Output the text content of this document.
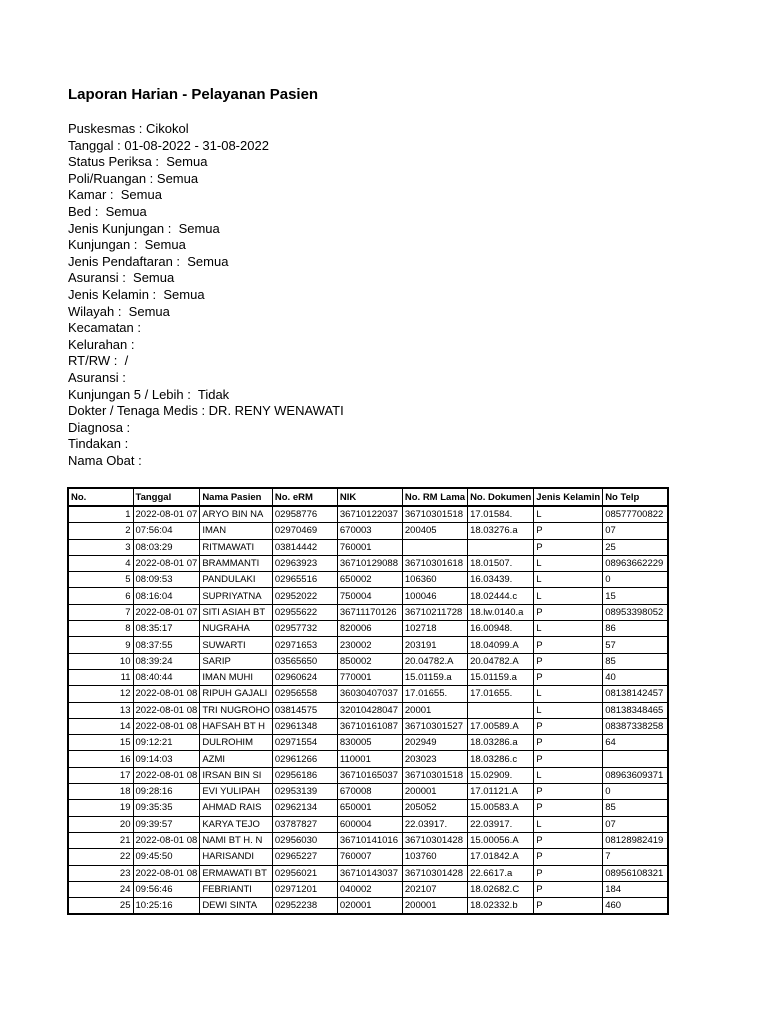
Laporan Harian - Pelayanan Pasien
Puskesmas : Cikokol
Tanggal : 01-08-2022 - 31-08-2022
Status Periksa :  Semua
Poli/Ruangan : Semua
Kamar :  Semua
Bed :  Semua
Jenis Kunjungan :  Semua
Kunjungan :  Semua
Jenis Pendaftaran :  Semua
Asuransi :  Semua
Jenis Kelamin :  Semua
Wilayah :  Semua
Kecamatan :
Kelurahan :
RT/RW :  /
Asuransi :
Kunjungan 5 / Lebih :  Tidak
Dokter / Tenaga Medis : DR. RENY WENAWATI
Diagnosa :
Tindakan :
Nama Obat :
No.	Tanggal	Nama Pasien	No. eRM	NIK	No. RM Lama	No. Dokumen	Jenis Kelamin	No Telp
1	2022-08-01 07	ARYO BIN NA	02958776	36710122037	36710301518	17.01584.	L	08577700822
2	07:56:04	IMAN	02970469	670003	200405	18.03276.a	P	07
3	08:03:29	RITMAWATI	03814442	760001			P	25
4	2022-08-01 07	BRAMMANTI	02963923	36710129088	36710301618	18.01507.	L	08963662229
5	08:09:53	PANDULAKI	02965516	650002	106360	16.03439.	L	0
6	08:16:04	SUPRIYATNA	02952022	750004	100046	18.02444.c	L	15
7	2022-08-01 07	SITI ASIAH BT	02955622	36711170126	36710211728	18.lw.0140.a	P	08953398052
8	08:35:17	NUGRAHA	02957732	820006	102718	16.00948.	L	86
9	08:37:55	SUWARTI	02971653	230002	203191	18.04099.A	P	57
10	08:39:24	SARIP	03565650	850002	20.04782.A	20.04782.A	P	85
11	08:40:44	IMAN MUHI	02960624	770001	15.01159.a	15.01159.a	P	40
12	2022-08-01 08	RIPUH GAJALI	02956558	36030407037	17.01655.	17.01655.	L	08138142457
13	2022-08-01 08	TRI NUGROHO	03814575	32010428047	20001		L	08138348465
14	2022-08-01 08	HAFSAH BT H	02961348	36710161087	36710301527	17.00589.A	P	08387338258
15	09:12:21	DULROHIM	02971554	830005	202949	18.03286.a	P	64
16	09:14:03	AZMI	02961266	110001	203023	18.03286.c	P	
17	2022-08-01 08	IRSAN BIN SI	02956186	36710165037	36710301518	15.02909.	L	08963609371
18	09:28:16	EVI YULIPAH	02953139	670008	200001	17.01121.A	P	0
19	09:35:35	AHMAD RAIS	02962134	650001	205052	15.00583.A	P	85
20	09:39:57	KARYA TEJO	03787827	600004	22.03917.	22.03917.	L	07
21	2022-08-01 08	NAMI BT H. N	02956030	36710141016	36710301428	15.00056.A	P	08128982419
22	09:45:50	HARISANDI	02965227	760007	103760	17.01842.A	P	7
23	2022-08-01 08	ERMAWATI BT	02956021	36710143037	36710301428	22.6617.a	P	08956108321
24	09:56:46	FEBRIANTI	02971201	040002	202107	18.02682.C	P	184
25	10:25:16	DEWI SINTA	02952238	020001	200001	18.02332.b	P	460
